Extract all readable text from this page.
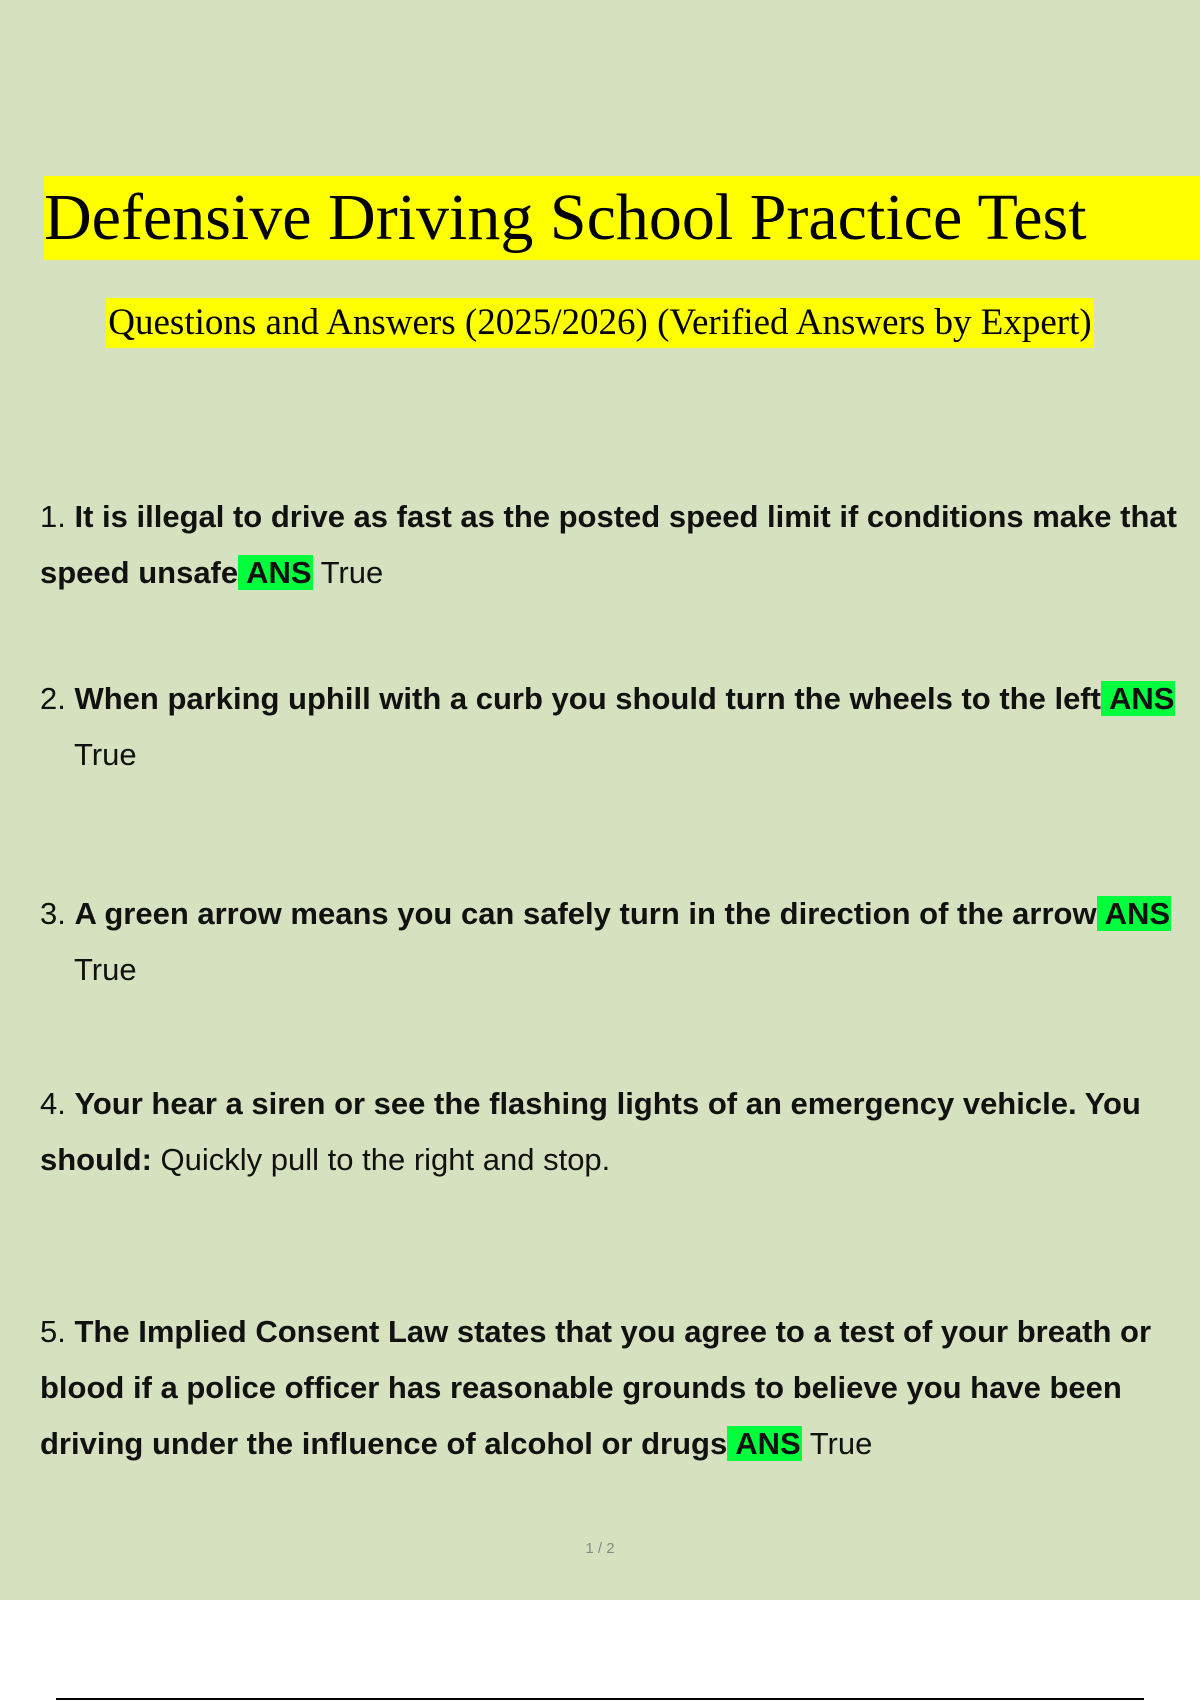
Defensive Driving School Practice Test
Questions and Answers (2025/2026) (Verified Answers by Expert)
1. It is illegal to drive as fast as the posted speed limit if conditions make that speed unsafe ANS True
2. When parking uphill with a curb you should turn the wheels to the left ANS
True
3. A green arrow means you can safely turn in the direction of the arrow ANS
True
4. Your hear a siren or see the flashing lights of an emergency vehicle. You should: Quickly pull to the right and stop.
5. The Implied Consent Law states that you agree to a test of your breath or blood if a police officer has reasonable grounds to believe you have been driving under the influence of alcohol or drugs ANS True
1 / 2
